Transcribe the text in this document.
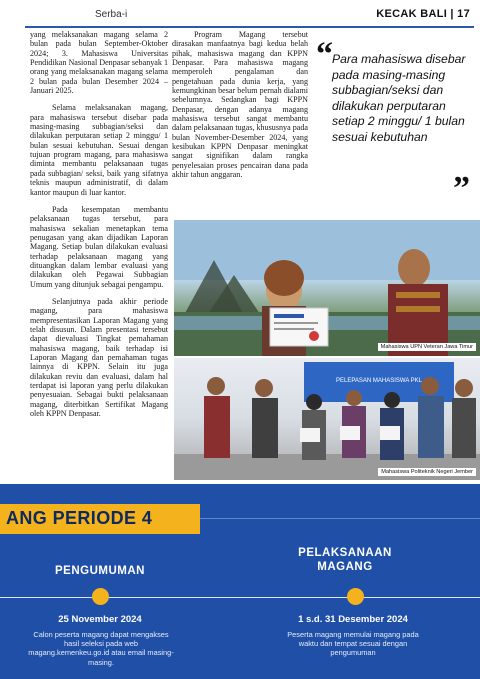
Serba-i	KECAK BALI | 17

yang melaksanakan magang selama 2 bulan pada bulan September-Oktober 2024; 3. Mahasiswa Universitas Pendidikan Nasional Denpasar sebanyak 1 orang yang melaksanakan magang selama 2 bulan pada bulan Desember 2024 – Januari 2025.

Selama melaksanakan magang, para mahasiswa tersebut disebar pada masing-masing subbagian/seksi dan dilakukan perputaran setiap 2 minggu/ 1 bulan sesuai kebutuhan. Sesuai dengan tujuan program magang, para mahasiswa diminta membantu pelaksanaan tugas pada subbagian/ seksi, baik yang sifatnya teknis maupun administratif, di dalam kantor maupun di luar kantor.

Pada kesempatan membantu pelaksanaan tugas tersebut, para mahasiswa sekalian menetapkan tema penugasan yang akan dijadikan Laporan Magang. Setiap bulan dilakukan evaluasi terhadap pelaksanaan magang yang dituangkan dalam lembar evaluasi yang dilakukan oleh Pegawai Subbagian Umum yang ditunjuk sebagai pengampu.

Selanjutnya pada akhir periode magang, para mahasiswa mempresentasikan Laporan Magang yang telah disusun. Dalam presentasi tersebut dapat dievaluasi Tingkat pemahaman mahasiswa magang, baik terhadap isi Laporan Magang dan pemahaman tugas lainnya di KPPN. Selain itu juga dilakukan reviu dan evaluasi, dalam hal terdapat isi laporan yang perlu dilakukan penyesuaian. Sebagai bukti pelaksanaan magang, diterbitkan Sertifikat Magang oleh KPPN Denpasar.

Program Magang tersebut dirasakan manfaatnya bagi kedua belah pihak, mahasiswa magang dan KPPN Denpasar. Para mahasiswa magang memperoleh pengalaman dan pengetahuan pada dunia kerja, yang kemungkinan besar belum pernah dialami sebelumnya. Sedangkan bagi KPPN Denpasar, dengan adanya magang mahasiswa tersebut sangat membantu dalam pelaksanaan tugas, khususnya pada bulan November-Desember 2024, yang kesibukan KPPN Denpasar meningkat sangat signifikan dalam rangka penyelesaian proses pencairan dana pada akhir tahun anggaran.

“ Para mahasiswa disebar pada masing-masing subbagian/seksi dan dilakukan perputaran setiap 2 minggu/ 1 bulan sesuai kebutuhan
”
Mahasiswa UPN Veteran Jawa Timur
PELEPASAN MAHASISWA PKL
Mahasiswa Politeknik Negeri Jember
ANG PERIODE 4
PENGUMUMAN
PELAKSANAAN MAGANG
25 November 2024	1 s.d. 31 Desember 2024
Calon peserta magang dapat mengakses hasil seleksi pada web magang.kemenkeu.go.id atau email masing-masing.
Peserta magang memulai magang pada waktu dan tempat sesuai dengan pengumuman
